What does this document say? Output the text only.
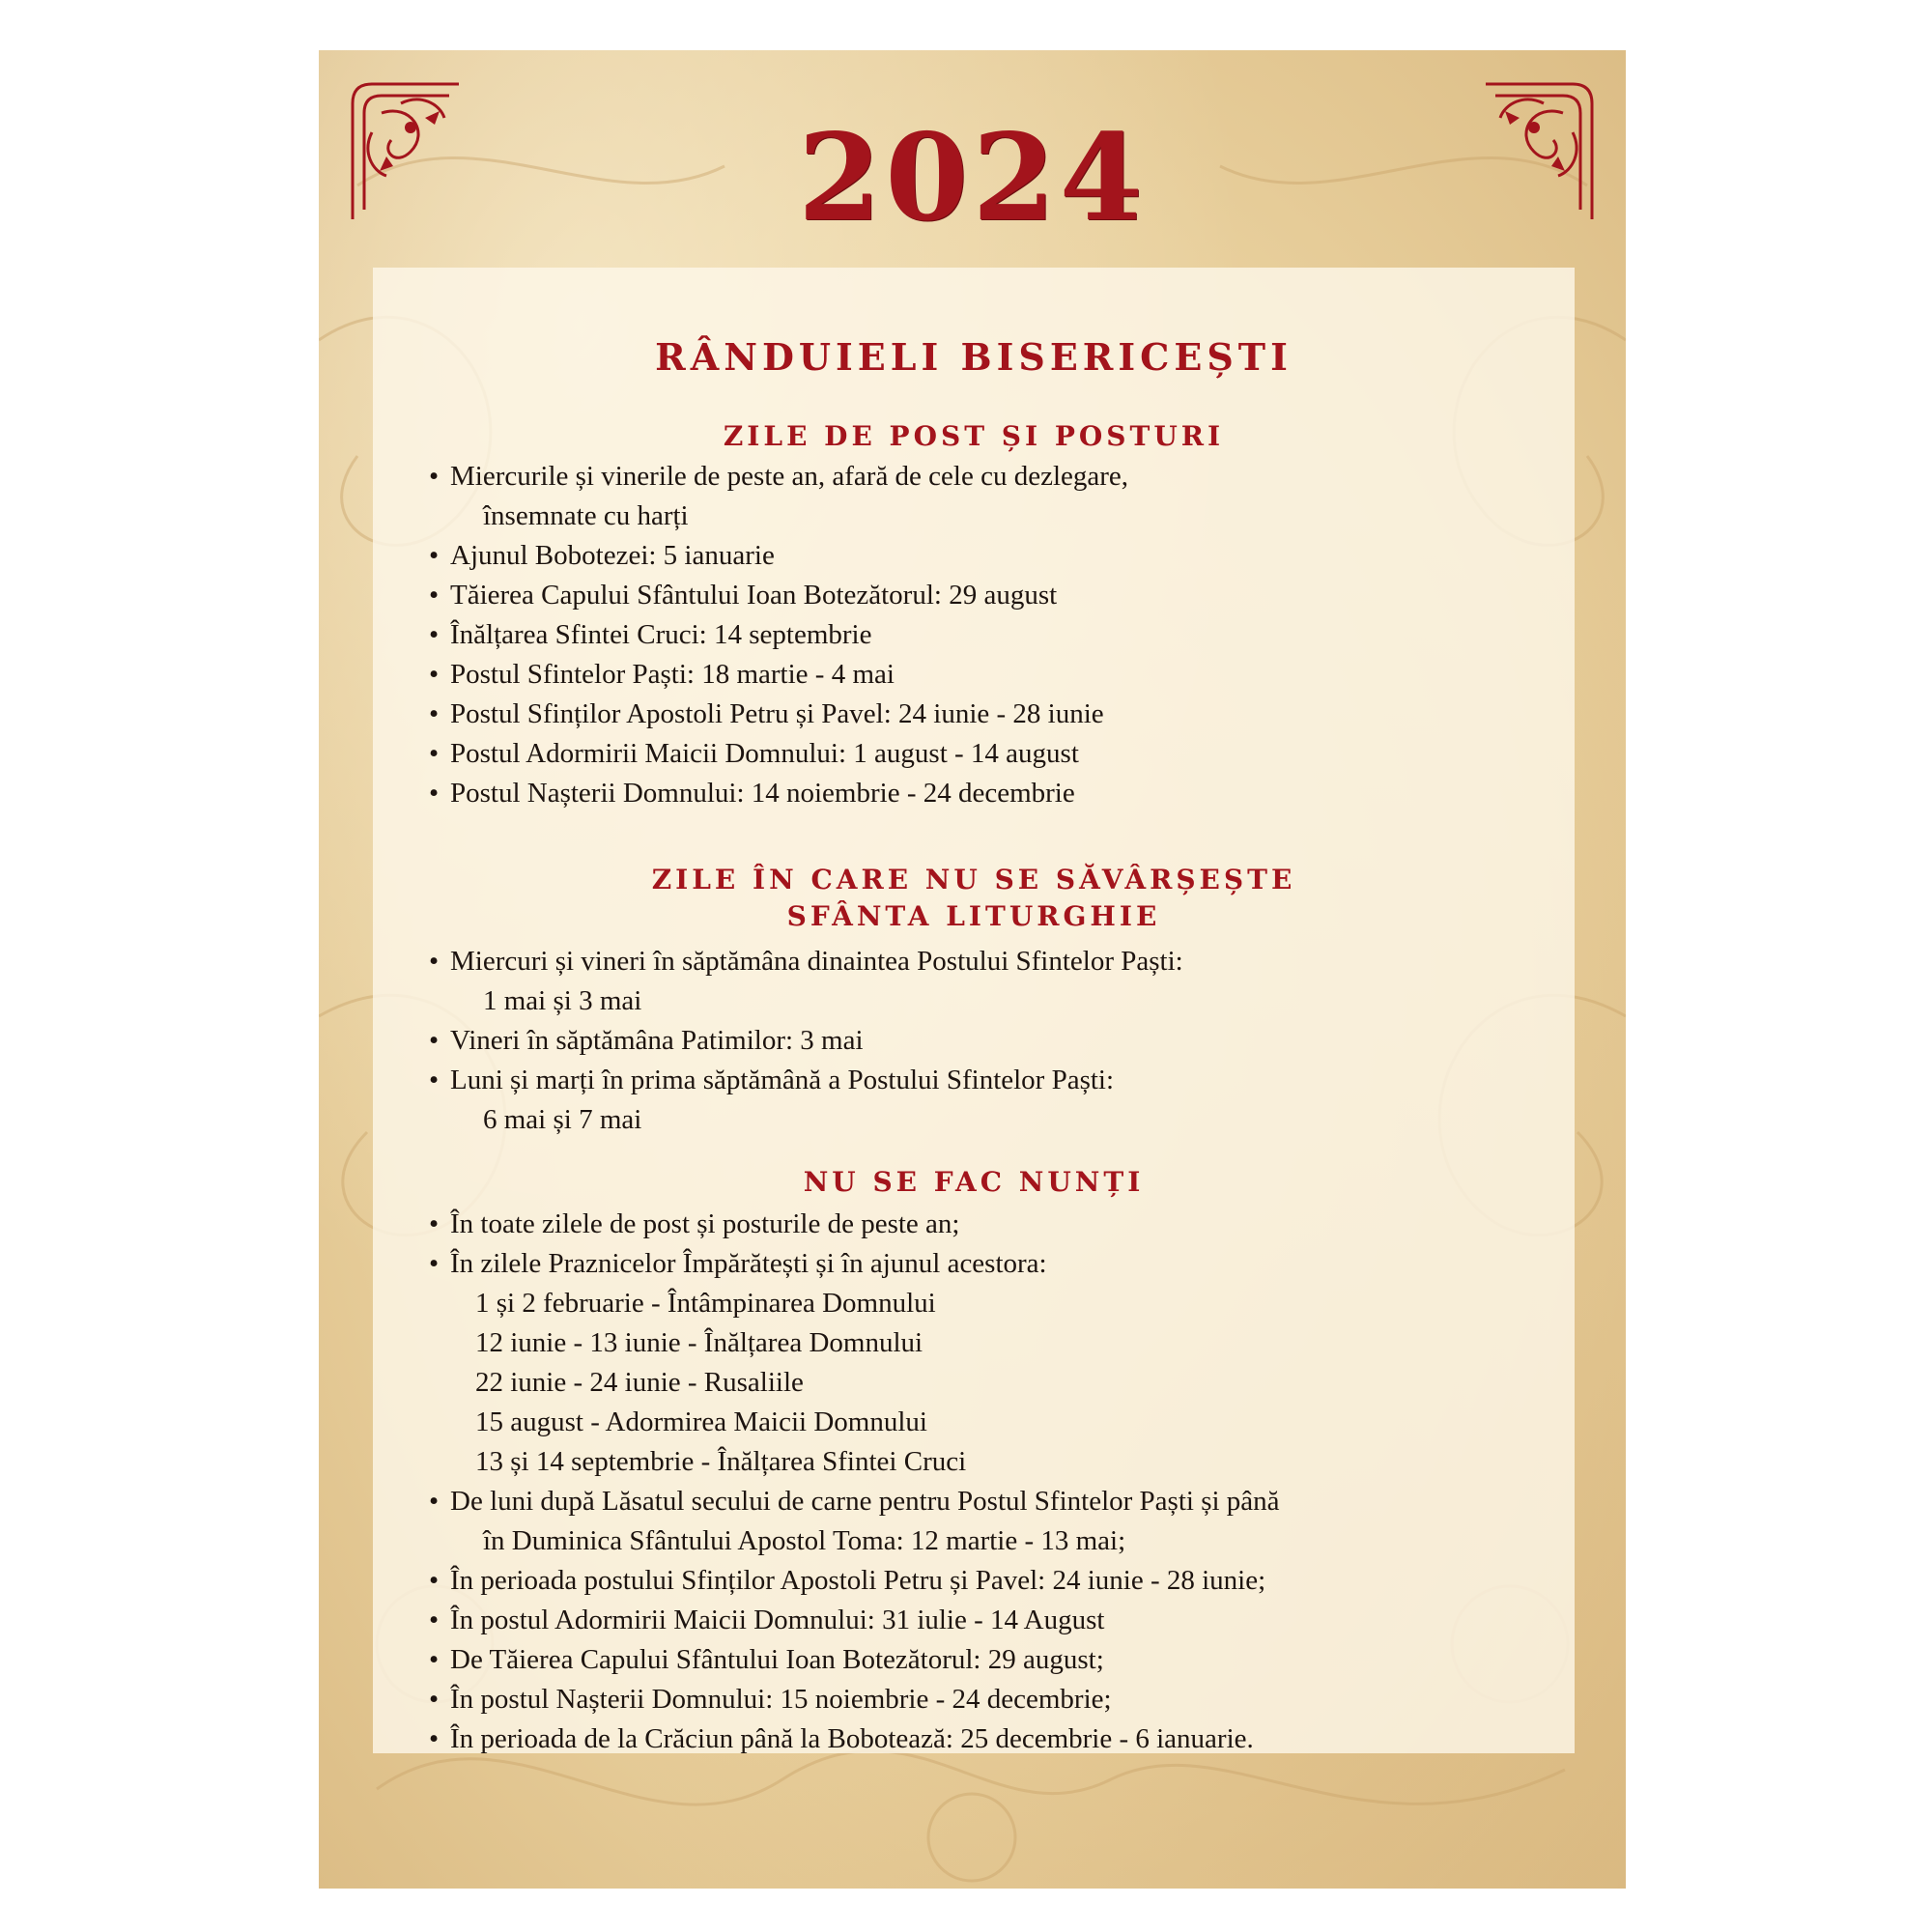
2024
RÂNDUIELI BISERICEȘTI
ZILE DE POST ȘI POSTURI
• Miercurile și vinerile de peste an, afară de cele cu dezlegare,
însemnate cu harți
• Ajunul Bobotezei: 5 ianuarie
• Tăierea Capului Sfântului Ioan Botezătorul: 29 august
• Înălțarea Sfintei Cruci: 14 septembrie
• Postul Sfintelor Paști: 18 martie - 4 mai
• Postul Sfinților Apostoli Petru și Pavel: 24 iunie - 28 iunie
• Postul Adormirii Maicii Domnului: 1 august - 14 august
• Postul Nașterii Domnului: 14 noiembrie - 24 decembrie
ZILE ÎN CARE NU SE SĂVÂRȘEȘTE
SFÂNTA LITURGHIE
• Miercuri și vineri în săptămâna dinaintea Postului Sfintelor Paști:
1 mai și 3 mai
• Vineri în săptămâna Patimilor: 3 mai
• Luni și marți în prima săptămână a Postului Sfintelor Paști:
6 mai și 7 mai
NU SE FAC NUNȚI
• În toate zilele de post și posturile de peste an;
• În zilele Praznicelor Împărătești și în ajunul acestora:
1 și 2 februarie - Întâmpinarea Domnului
12 iunie - 13 iunie - Înălțarea Domnului
22 iunie - 24 iunie - Rusaliile
15 august - Adormirea Maicii Domnului
13 și 14 septembrie - Înălțarea Sfintei Cruci
• De luni după Lăsatul secului de carne pentru Postul Sfintelor Paști și până
în Duminica Sfântului Apostol Toma: 12 martie - 13 mai;
• În perioada postului Sfinților Apostoli Petru și Pavel: 24 iunie - 28 iunie;
• În postul Adormirii Maicii Domnului: 31 iulie - 14 August
• De Tăierea Capului Sfântului Ioan Botezătorul: 29 august;
• În postul Nașterii Domnului: 15 noiembrie - 24 decembrie;
• În perioada de la Crăciun până la Bobotează: 25 decembrie - 6 ianuarie.
